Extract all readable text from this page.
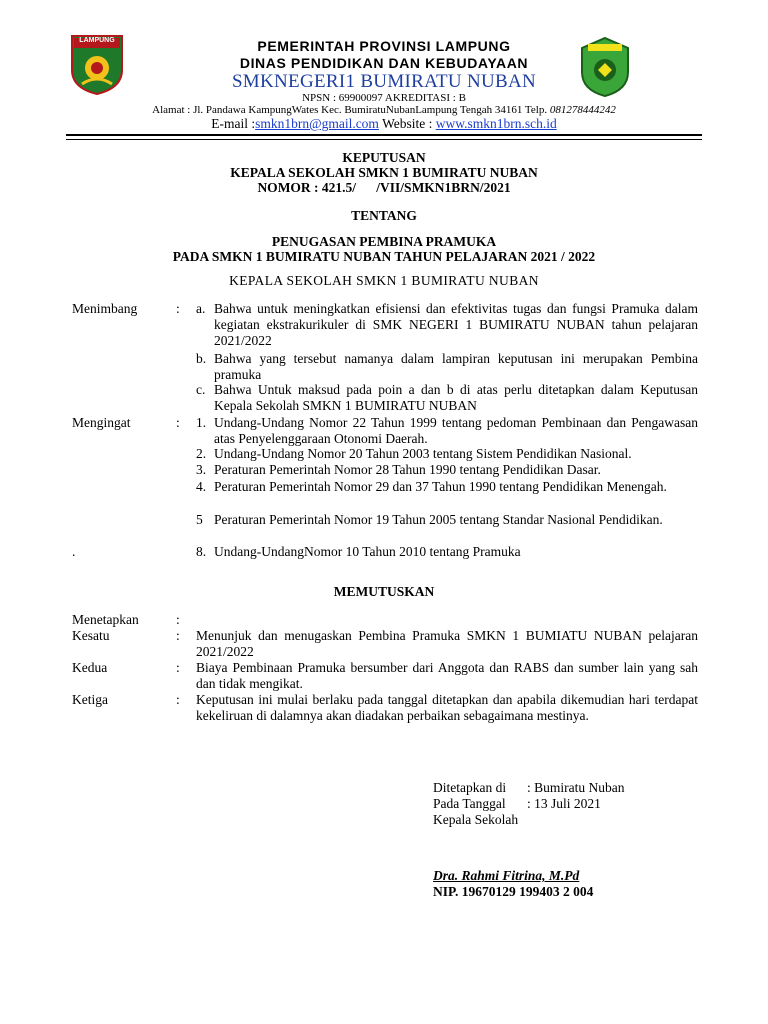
LAMPUNG	PEMERINTAH PROVINSI LAMPUNG
DINAS PENDIDIKAN DAN KEBUDAYAAN
SMKNEGERI1 BUMIRATU NUBAN
NPSN : 69900097 AKREDITASI : B
Alamat : Jl. Pandawa KampungWates Kec. BumiratuNubanLampung Tengah 34161 Telp. 081278444242
E-mail :smkn1brn@gmail.com Website : www.smkn1brn.sch.id
KEPUTUSAN
KEPALA SEKOLAH SMKN 1 BUMIRATU NUBAN
NOMOR : 421.5/      /VII/SMKN1BRN/2021
TENTANG
PENUGASAN PEMBINA PRAMUKA
PADA SMKN 1 BUMIRATU NUBAN TAHUN PELAJARAN 2021 / 2022
KEPALA SEKOLAH SMKN 1 BUMIRATU NUBAN
Menimbang	: a. Bahwa untuk meningkatkan efisiensi dan efektivitas tugas dan fungsi Pramuka dalam kegiatan ekstrakurikuler di SMK NEGERI 1 BUMIRATU NUBAN tahun pelajaran 2021/2022
b. Bahwa yang tersebut namanya dalam lampiran keputusan ini merupakan Pembina pramuka
c. Bahwa Untuk maksud pada poin a dan b di atas perlu ditetapkan dalam Keputusan Kepala Sekolah SMKN 1 BUMIRATU NUBAN
Mengingat	: 1. Undang-Undang Nomor 22 Tahun 1999 tentang pedoman Pembinaan dan Pengawasan atas Penyelenggaraan Otonomi Daerah.
2. Undang-Undang Nomor 20 Tahun 2003 tentang Sistem Pendidikan Nasional.
3. Peraturan Pemerintah Nomor 28 Tahun 1990 tentang Pendidikan Dasar.
4. Peraturan Pemerintah Nomor 29 dan 37 Tahun 1990 tentang Pendidikan Menengah.
5 Peraturan Pemerintah Nomor 19 Tahun 2005 tentang Standar Nasional Pendidikan.
.	8. Undang-UndangNomor 10 Tahun 2010 tentang Pramuka
MEMUTUSKAN
Menetapkan	:
Kesatu	: Menunjuk dan menugaskan Pembina Pramuka SMKN 1 BUMIATU NUBAN pelajaran 2021/2022
Kedua	: Biaya Pembinaan Pramuka bersumber dari Anggota dan RABS dan sumber lain yang sah dan tidak mengikat.
Ketiga	: Keputusan ini mulai berlaku pada tanggal ditetapkan dan apabila dikemudian hari terdapat kekeliruan di dalamnya akan diadakan perbaikan sebagaimana mestinya.
Ditetapkan di : Bumiratu Nuban
Pada Tanggal : 13 Juli 2021
Kepala Sekolah
Dra. Rahmi Fitrina, M.Pd
NIP. 19670129 199403 2 004
